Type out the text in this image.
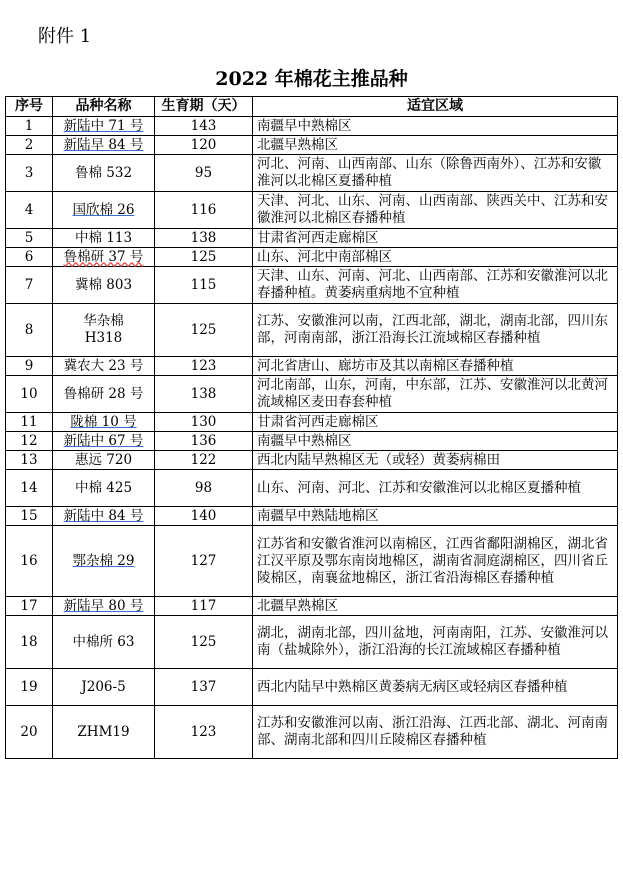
附件 1
2022 年棉花主推品种
序号	品种名称	生育期（天）	适宜区域
1	新陆中 71 号	143	南疆早中熟棉区
2	新陆早 84 号	120	北疆早熟棉区
3	鲁棉 532	95	河北、河南、山西南部、山东（除鲁西南外）、江苏和安徽淮河以北棉区夏播种植
4	国欣棉 26	116	天津、河北、山东、河南、山西南部、陕西关中、江苏和安徽淮河以北棉区春播种植
5	中棉 113	138	甘肃省河西走廊棉区
6	鲁棉研 37 号	125	山东、河北中南部棉区
7	冀棉 803	115	天津、山东、河南、河北、山西南部、江苏和安徽淮河以北春播种植。黄萎病重病地不宜种植
8	华杂棉 H318	125	江苏、安徽淮河以南，江西北部，湖北，湖南北部，四川东部，河南南部，浙江沿海长江流域棉区春播种植
9	冀农大 23 号	123	河北省唐山、廊坊市及其以南棉区春播种植
10	鲁棉研 28 号	138	河北南部，山东，河南，中东部，江苏、安徽淮河以北黄河流域棉区麦田春套种植
11	陇棉 10 号	130	甘肃省河西走廊棉区
12	新陆中 67 号	136	南疆早中熟棉区
13	惠远 720	122	西北内陆早熟棉区无（或轻）黄萎病棉田
14	中棉 425	98	山东、河南、河北、江苏和安徽淮河以北棉区夏播种植
15	新陆中 84 号	140	南疆早中熟陆地棉区
16	鄂杂棉 29	127	江苏省和安徽省淮河以南棉区，江西省鄱阳湖棉区，湖北省江汉平原及鄂东南岗地棉区，湖南省洞庭湖棉区，四川省丘陵棉区，南襄盆地棉区，浙江省沿海棉区春播种植
17	新陆早 80 号	117	北疆早熟棉区
18	中棉所 63	125	湖北，湖南北部，四川盆地，河南南阳，江苏、安徽淮河以南（盐城除外），浙江沿海的长江流域棉区春播种植
19	J206-5	137	西北内陆早中熟棉区黄萎病无病区或轻病区春播种植
20	ZHM19	123	江苏和安徽淮河以南、浙江沿海、江西北部、湖北、河南南部、湖南北部和四川丘陵棉区春播种植
